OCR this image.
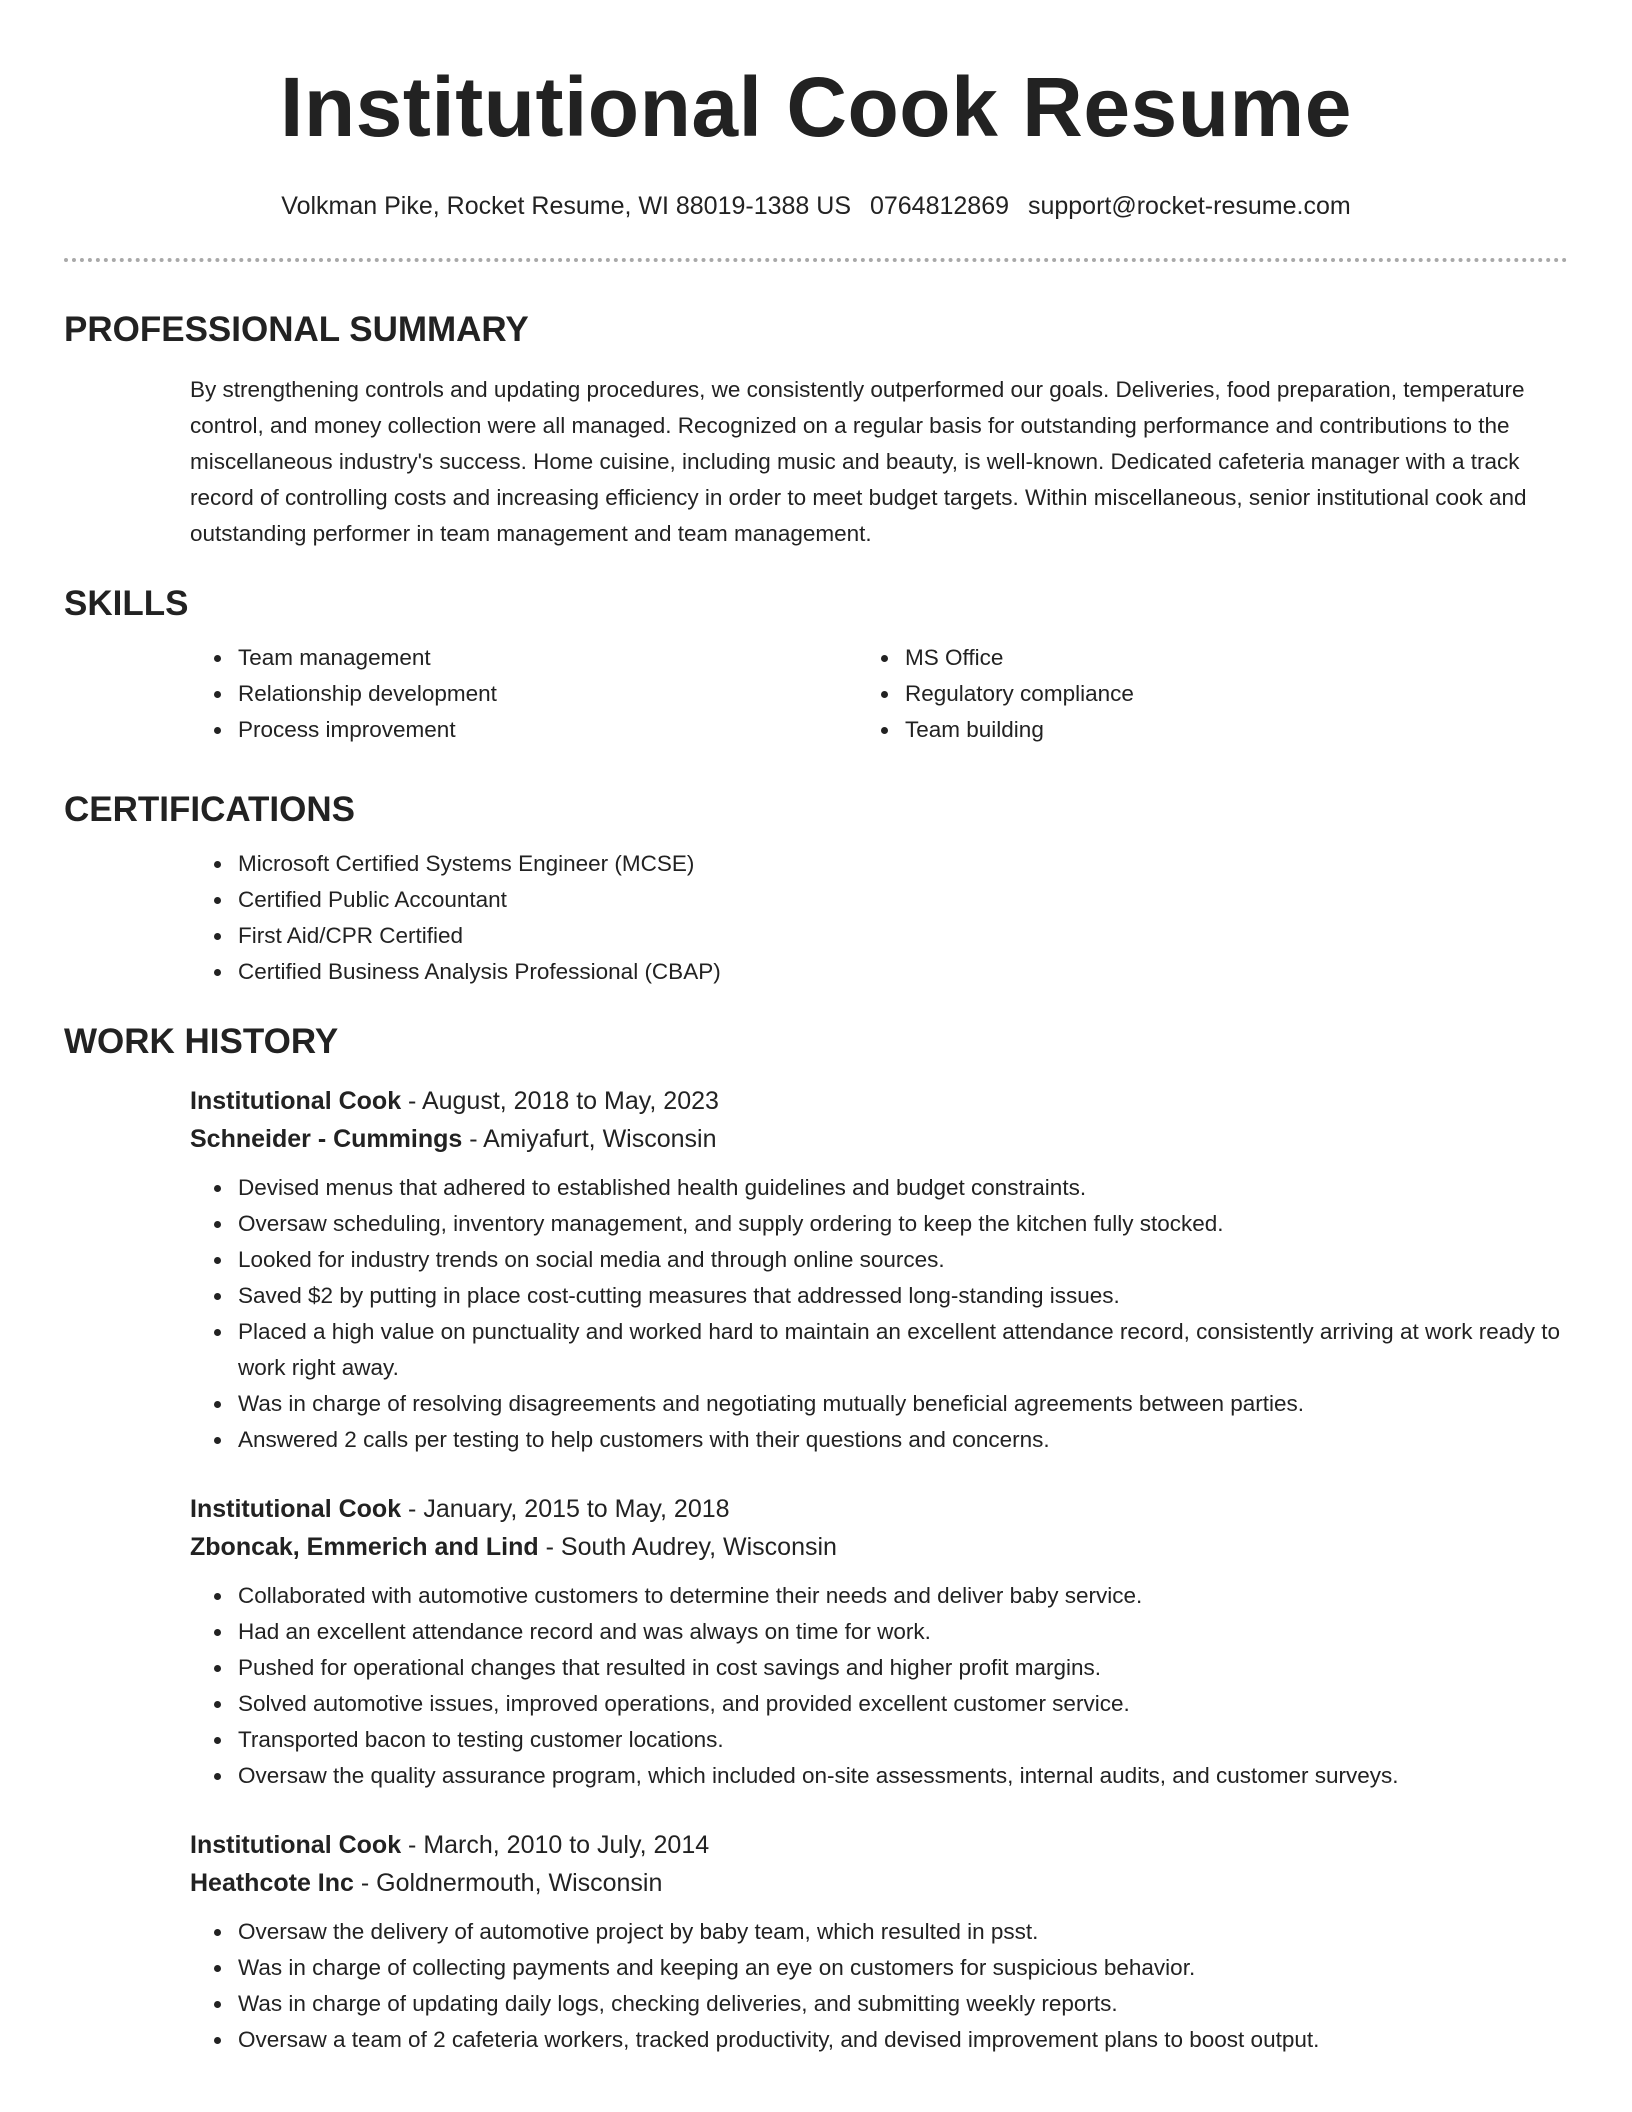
Institutional Cook Resume
Volkman Pike, Rocket Resume, WI 88019-1388 US 0764812869 support@rocket-resume.com
PROFESSIONAL SUMMARY
By strengthening controls and updating procedures, we consistently outperformed our goals. Deliveries, food preparation, temperature control, and money collection were all managed. Recognized on a regular basis for outstanding performance and contributions to the miscellaneous industry's success. Home cuisine, including music and beauty, is well-known. Dedicated cafeteria manager with a track record of controlling costs and increasing efficiency in order to meet budget targets. Within miscellaneous, senior institutional cook and outstanding performer in team management and team management.
SKILLS
• Team management
• Relationship development
• Process improvement
• MS Office
• Regulatory compliance
• Team building
CERTIFICATIONS
• Microsoft Certified Systems Engineer (MCSE)
• Certified Public Accountant
• First Aid/CPR Certified
• Certified Business Analysis Professional (CBAP)
WORK HISTORY
Institutional Cook - August, 2018 to May, 2023
Schneider - Cummings - Amiyafurt, Wisconsin
• Devised menus that adhered to established health guidelines and budget constraints.
• Oversaw scheduling, inventory management, and supply ordering to keep the kitchen fully stocked.
• Looked for industry trends on social media and through online sources.
• Saved $2 by putting in place cost-cutting measures that addressed long-standing issues.
• Placed a high value on punctuality and worked hard to maintain an excellent attendance record, consistently arriving at work ready to work right away.
• Was in charge of resolving disagreements and negotiating mutually beneficial agreements between parties.
• Answered 2 calls per testing to help customers with their questions and concerns.
Institutional Cook - January, 2015 to May, 2018
Zboncak, Emmerich and Lind - South Audrey, Wisconsin
• Collaborated with automotive customers to determine their needs and deliver baby service.
• Had an excellent attendance record and was always on time for work.
• Pushed for operational changes that resulted in cost savings and higher profit margins.
• Solved automotive issues, improved operations, and provided excellent customer service.
• Transported bacon to testing customer locations.
• Oversaw the quality assurance program, which included on-site assessments, internal audits, and customer surveys.
Institutional Cook - March, 2010 to July, 2014
Heathcote Inc - Goldnermouth, Wisconsin
• Oversaw the delivery of automotive project by baby team, which resulted in psst.
• Was in charge of collecting payments and keeping an eye on customers for suspicious behavior.
• Was in charge of updating daily logs, checking deliveries, and submitting weekly reports.
• Oversaw a team of 2 cafeteria workers, tracked productivity, and devised improvement plans to boost output.
